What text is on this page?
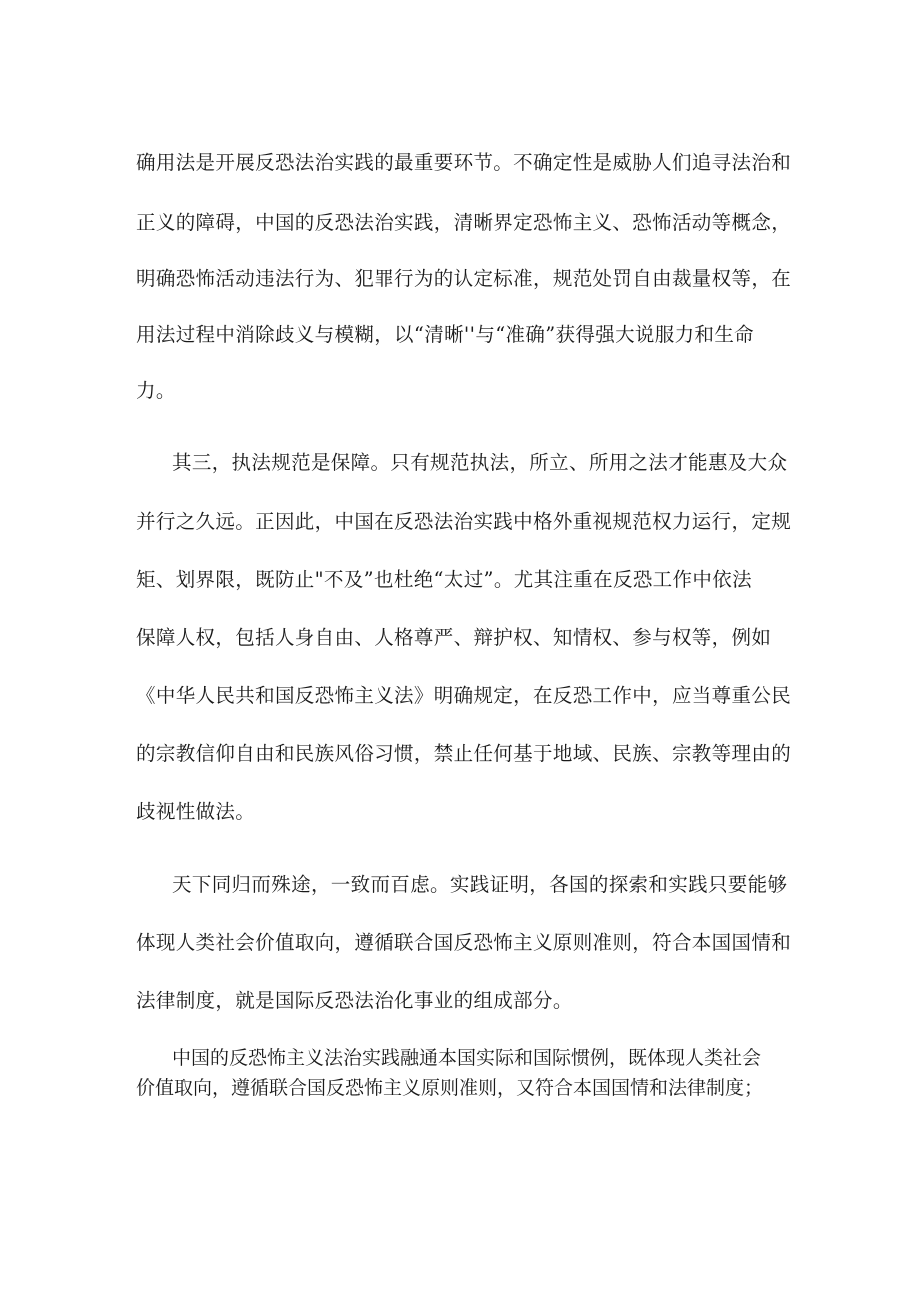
确用法是开展反恐法治实践的最重要环节。不确定性是威胁人们追寻法治和
正义的障碍，中国的反恐法治实践，清晰界定恐怖主义、恐怖活动等概念，
明确恐怖活动违法行为、犯罪行为的认定标准，规范处罚自由裁量权等，在
用法过程中消除歧义与模糊，以“清晰''与“准确”获得强大说服力和生命
力。
其三，执法规范是保障。只有规范执法，所立、所用之法才能惠及大众
并行之久远。正因此，中国在反恐法治实践中格外重视规范权力运行，定规
矩、划界限，既防止"不及”也杜绝“太过”。尤其注重在反恐工作中依法
保障人权，包括人身自由、人格尊严、辩护权、知情权、参与权等，例如
《中华人民共和国反恐怖主义法》明确规定，在反恐工作中，应当尊重公民
的宗教信仰自由和民族风俗习惯，禁止任何基于地域、民族、宗教等理由的
歧视性做法。
天下同归而殊途，一致而百虑。实践证明，各国的探索和实践只要能够
体现人类社会价值取向，遵循联合国反恐怖主义原则准则，符合本国国情和
法律制度，就是国际反恐法治化事业的组成部分。
中国的反恐怖主义法治实践融通本国实际和国际惯例，既体现人类社会
价值取向，遵循联合国反恐怖主义原则准则，又符合本国国情和法律制度；
